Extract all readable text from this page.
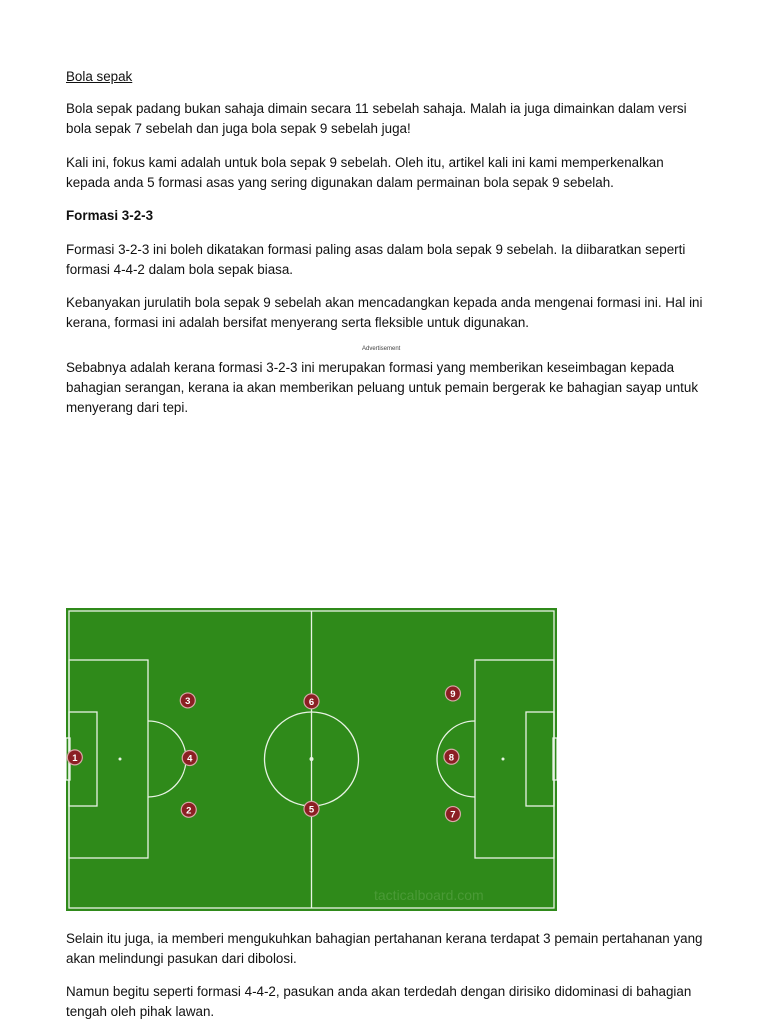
Bola sepak

Bola sepak padang bukan sahaja dimain secara 11 sebelah sahaja. Malah ia juga dimainkan dalam versi bola sepak 7 sebelah dan juga bola sepak 9 sebelah juga!

Kali ini, fokus kami adalah untuk bola sepak 9 sebelah. Oleh itu, artikel kali ini kami memperkenalkan kepada anda 5 formasi asas yang sering digunakan dalam permainan bola sepak 9 sebelah.

Formasi 3-2-3

Formasi 3-2-3 ini boleh dikatakan formasi paling asas dalam bola sepak 9 sebelah. Ia diibaratkan seperti formasi 4-4-2 dalam bola sepak biasa.

Kebanyakan jurulatih bola sepak 9 sebelah akan mencadangkan kepada anda mengenai formasi ini. Hal ini kerana, formasi ini adalah bersifat menyerang serta fleksible untuk digunakan.

Advertisement

Sebabnya adalah kerana formasi 3-2-3 ini merupakan formasi yang memberikan keseimbagan kepada bahagian serangan, kerana ia akan memberikan peluang untuk pemain bergerak ke bahagian sayap untuk menyerang dari tepi.

Selain itu juga, ia memberi mengukuhkan bahagian pertahanan kerana terdapat 3 pemain pertahanan yang akan melindungi pasukan dari dibolosi.

Namun begitu seperti formasi 4-4-2, pasukan anda akan terdedah dengan dirisiko didominasi di bahagian tengah oleh pihak lawan.

tacticalboard.com
1
3
4
2
6
5
9
8
7
